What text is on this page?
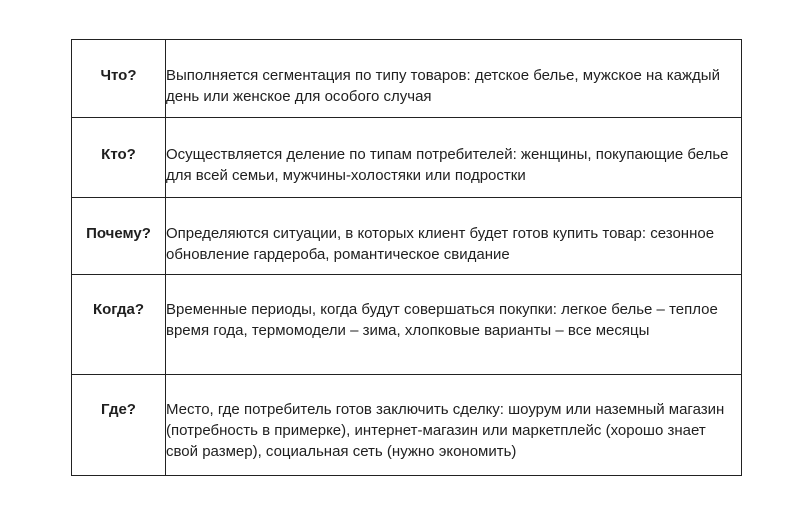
Что?	Выполняется сегментация по типу товаров: детское белье, мужское на каждый день или женское для особого случая

Кто?	Осуществляется деление по типам потребителей: женщины, покупающие белье для всей семьи, мужчины-холостяки или подростки

Почему?	Определяются ситуации, в которых клиент будет готов купить товар: сезонное обновление гардероба, романтическое свидание

Когда?	Временные периоды, когда будут совершаться покупки: легкое белье – теплое время года, термомодели – зима, хлопковые варианты – все месяцы

Где?	Место, где потребитель готов заключить сделку: шоурум или наземный магазин (потребность в примерке), интернет-магазин или маркетплейс (хорошо знает свой размер), социальная сеть (нужно экономить)
